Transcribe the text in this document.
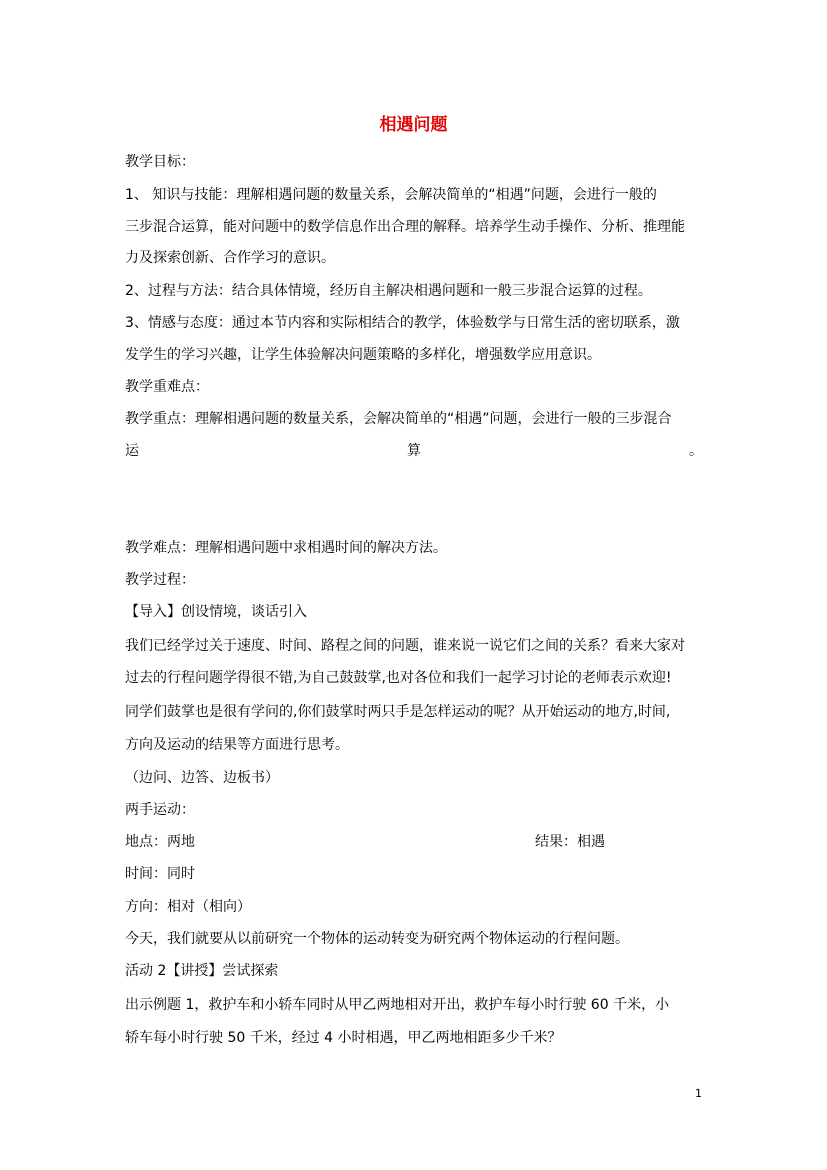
相遇问题
教学目标：
1、 知识与技能：理解相遇问题的数量关系，会解决简单的“相遇”问题，会进行一般的
三步混合运算，能对问题中的数学信息作出合理的解释。培养学生动手操作、分析、推理能
力及探索创新、合作学习的意识。
2、过程与方法：结合具体情境，经历自主解决相遇问题和一般三步混合运算的过程。
3、情感与态度：通过本节内容和实际相结合的教学，体验数学与日常生活的密切联系，激
发学生的学习兴趣，让学生体验解决问题策略的多样化，增强数学应用意识。
教学重难点：
教学重点：理解相遇问题的数量关系，会解决简单的“相遇”问题，会进行一般的三步混合
运	算	。
教学难点：理解相遇问题中求相遇时间的解决方法。
教学过程：
【导入】创设情境，谈话引入
我们已经学过关于速度、时间、路程之间的问题，谁来说一说它们之间的关系？看来大家对
过去的行程问题学得很不错,为自己鼓鼓掌,也对各位和我们一起学习讨论的老师表示欢迎!
同学们鼓掌也是很有学问的,你们鼓掌时两只手是怎样运动的呢？从开始运动的地方,时间,
方向及运动的结果等方面进行思考。
（边问、边答、边板书）
两手运动：
地点：两地
时间：同时
方向：相对（相向）
今天，我们就要从以前研究一个物体的运动转变为研究两个物体运动的行程问题。
活动 2【讲授】尝试探索
出示例题 1，救护车和小轿车同时从甲乙两地相对开出，救护车每小时行驶 60 千米，小
轿车每小时行驶 50 千米，经过 4 小时相遇，甲乙两地相距多少千米？
结果：相遇
1
